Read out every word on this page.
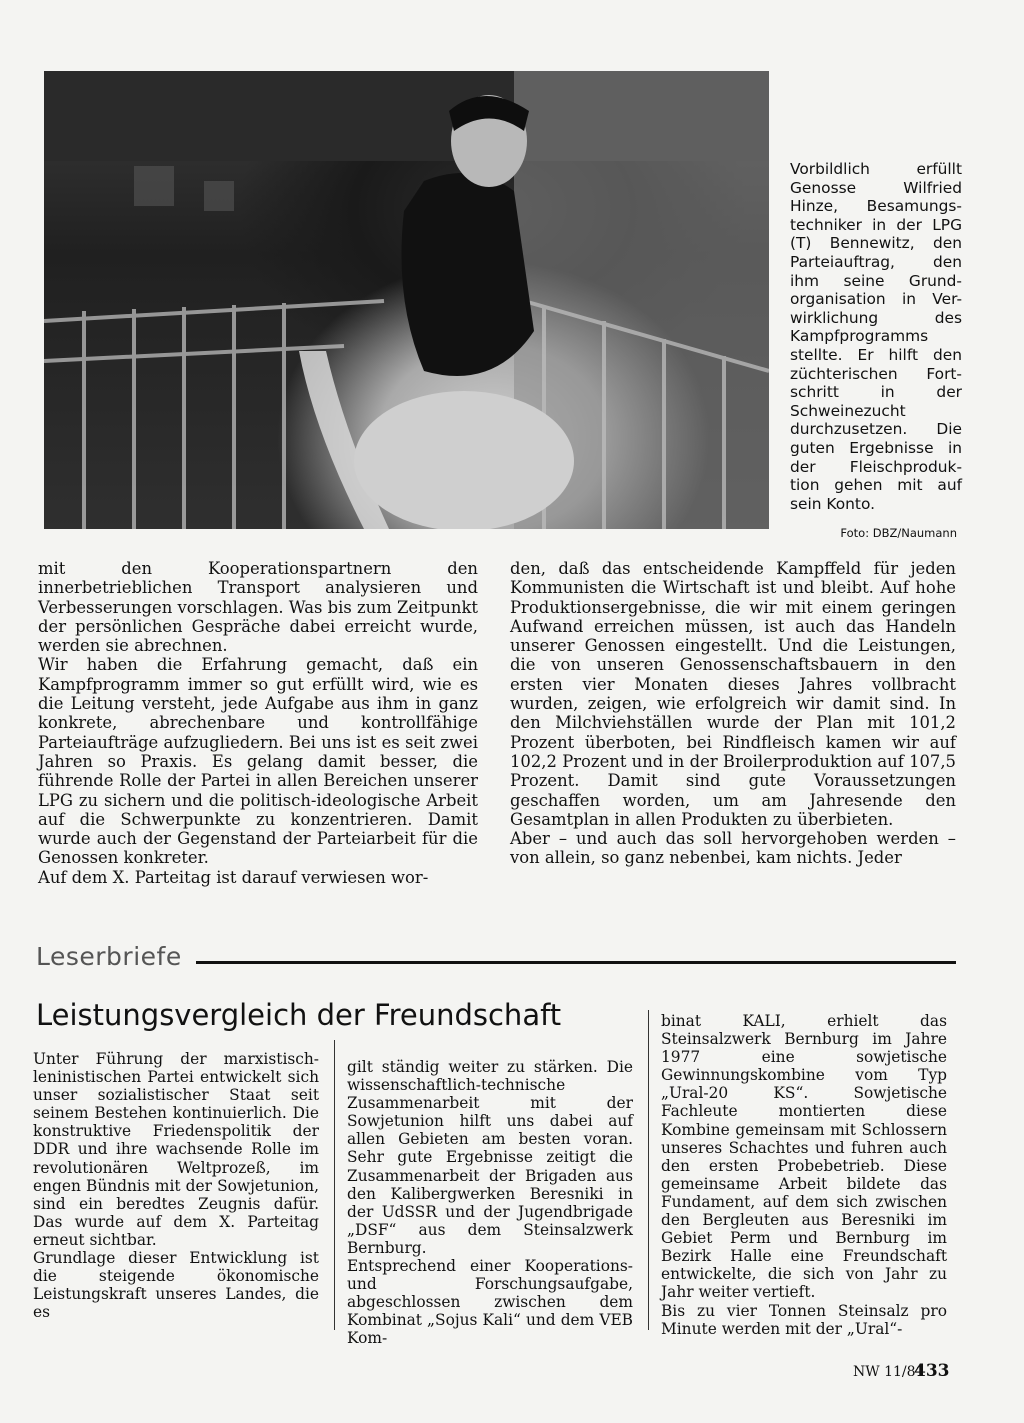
Vorbildlich erfüllt Genosse Wilfried Hinze, Besamungs-techniker in der LPG (T) Bennewitz, den Parteiauftrag, den ihm seine Grund-organisation in Ver-wirklichung des Kampfprogramms stellte. Er hilft den züchterischen Fort-schritt in der Schweinezucht durchzusetzen. Die guten Ergebnisse in der Fleischproduk-tion gehen mit auf sein Konto.
Foto: DBZ/Naumann

mit den Kooperationspartnern den innerbetrieblichen Transport analysieren und Verbesserungen vorschlagen. Was bis zum Zeitpunkt der persönlichen Gespräche dabei erreicht wurde, werden sie abrechnen.

Wir haben die Erfahrung gemacht, daß ein Kampfprogramm immer so gut erfüllt wird, wie es die Leitung versteht, jede Aufgabe aus ihm in ganz konkrete, abrechenbare und kontrollfähige Parteiaufträge aufzugliedern. Bei uns ist es seit zwei Jahren so Praxis. Es gelang damit besser, die führende Rolle der Partei in allen Bereichen unserer LPG zu sichern und die politisch-ideologische Arbeit auf die Schwerpunkte zu konzentrieren. Damit wurde auch der Gegenstand der Parteiarbeit für die Genossen konkreter.

Auf dem X. Parteitag ist darauf verwiesen wor-

den, daß das entscheidende Kampffeld für jeden Kommunisten die Wirtschaft ist und bleibt. Auf hohe Produktionsergebnisse, die wir mit einem geringen Aufwand erreichen müssen, ist auch das Handeln unserer Genossen eingestellt. Und die Leistungen, die von unseren Genossenschaftsbauern in den ersten vier Monaten dieses Jahres vollbracht wurden, zeigen, wie erfolgreich wir damit sind. In den Milchviehställen wurde der Plan mit 101,2 Prozent überboten, bei Rindfleisch kamen wir auf 102,2 Prozent und in der Broilerproduktion auf 107,5 Prozent. Damit sind gute Voraussetzungen geschaffen worden, um am Jahresende den Gesamtplan in allen Produkten zu überbieten.

Aber – und auch das soll hervorgehoben werden – von allein, so ganz nebenbei, kam nichts. Jeder

Leserbriefe
Leistungsvergleich der Freundschaft

Unter Führung der marxistisch-leninistischen Partei entwickelt sich unser sozialistischer Staat seit seinem Bestehen kontinuierlich. Die konstruktive Friedenspolitik der DDR und ihre wachsende Rolle im revolutionären Weltprozeß, im engen Bündnis mit der Sowjetunion, sind ein beredtes Zeugnis dafür. Das wurde auf dem X. Parteitag erneut sichtbar.

Grundlage dieser Entwicklung ist die steigende ökonomische Leistungskraft unseres Landes, die es

gilt ständig weiter zu stärken. Die wissenschaftlich-technische Zusammenarbeit mit der Sowjetunion hilft uns dabei auf allen Gebieten am besten voran. Sehr gute Ergebnisse zeitigt die Zusammenarbeit der Brigaden aus den Kalibergwerken Beresniki in der UdSSR und der Jugendbrigade „DSF“ aus dem Steinsalzwerk Bernburg.

Entsprechend einer Kooperations- und Forschungsaufgabe, abgeschlossen zwischen dem Kombinat „Sojus Kali“ und dem VEB Kom-

binat KALI, erhielt das Steinsalzwerk Bernburg im Jahre 1977 eine sowjetische Gewinnungskombine vom Typ „Ural-20 KS“. Sowjetische Fachleute montierten diese Kombine gemeinsam mit Schlossern unseres Schachtes und fuhren auch den ersten Probebetrieb. Diese gemeinsame Arbeit bildete das Fundament, auf dem sich zwischen den Bergleuten aus Beresniki im Gebiet Perm und Bernburg im Bezirk Halle eine Freundschaft entwickelte, die sich von Jahr zu Jahr weiter vertieft.

Bis zu vier Tonnen Steinsalz pro Minute werden mit der „Ural“-

NW 11/81
433
